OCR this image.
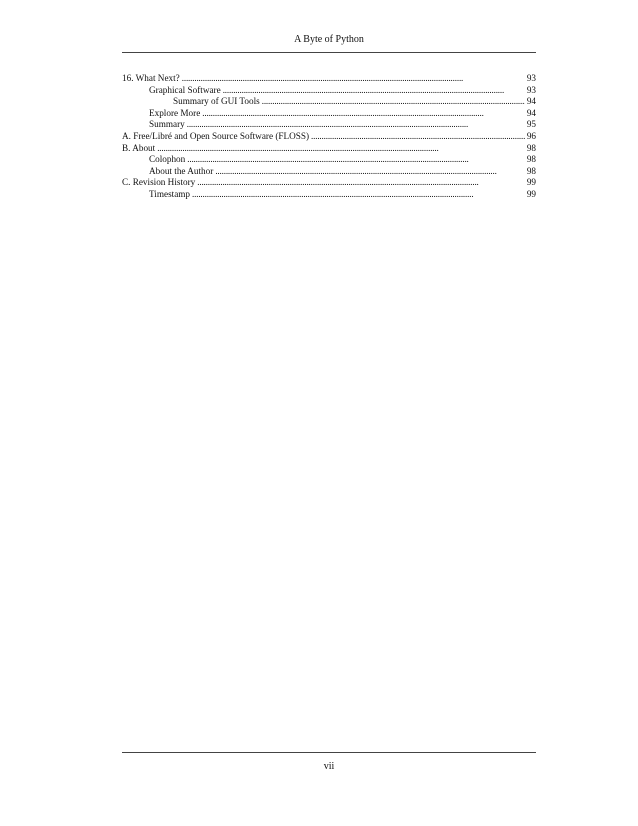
A Byte of Python
16. What Next? . . .	93
Graphical Software . . .	93
Summary of GUI Tools . . .	94
Explore More . . .	94
Summary . . .	95
A. Free/Libré and Open Source Software (FLOSS) . . .	96
B. About . . .	98
Colophon . . .	98
About the Author . . .	98
C. Revision History . . .	99
Timestamp . . .	99
vii
